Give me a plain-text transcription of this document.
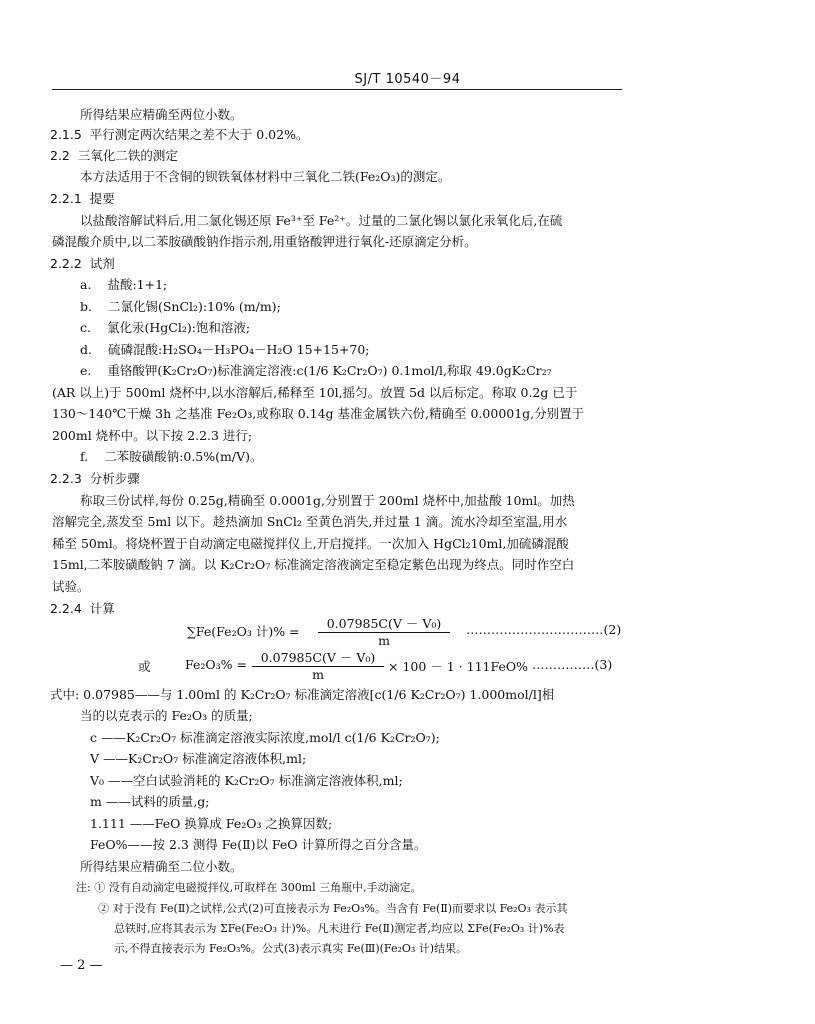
SJ/T 10540－94
所得结果应精确至两位小数。
2.1.5 平行测定两次结果之差不大于 0.02%。
2.2 三氧化二铁的测定
本方法适用于不含铜的钡铁氧体材料中三氧化二铁(Fe₂O₃)的测定。
2.2.1 提要
以盐酸溶解试料后,用二氯化锡还原 Fe³⁺至 Fe²⁺。过量的二氯化锡以氯化汞氧化后,在硫
磷混酸介质中,以二苯胺磺酸钠作指示剂,用重铬酸钾进行氧化-还原滴定分析。
2.2.2 试剂
a. 盐酸:1+1;
b. 二氯化锡(SnCl₂):10% (m/m);
c. 氯化汞(HgCl₂):饱和溶液;
d. 硫磷混酸:H₂SO₄－H₃PO₄－H₂O 15+15+70;
e. 重铬酸钾(K₂Cr₂O₇)标准滴定溶液:c(1/6 K₂Cr₂O₇) 0.1mol/l,称取 49.0gK₂Cr₂₇
(AR 以上)于 500ml 烧杯中,以水溶解后,稀释至 10l,摇匀。放置 5d 以后标定。称取 0.2g 已于
130～140℃干燥 3h 之基准 Fe₂O₃,或称取 0.14g 基准金属铁六份,精确至 0.00001g,分别置于
200ml 烧杯中。以下按 2.2.3 进行;
f. 二苯胺磺酸钠:0.5%(m/V)。
2.2.3 分析步骤
称取三份试样,每份 0.25g,精确至 0.0001g,分别置于 200ml 烧杯中,加盐酸 10ml。加热
溶解完全,蒸发至 5ml 以下。趁热滴加 SnCl₂ 至黄色消失,并过量 1 滴。流水冷却至室温,用水
稀至 50ml。将烧杯置于自动滴定电磁搅拌仪上,开启搅拌。一次加入 HgCl₂10ml,加硫磷混酸
15ml,二苯胺磺酸钠 7 滴。以 K₂Cr₂O₇ 标准滴定溶液滴定至稳定紫色出现为终点。同时作空白
试验。
2.2.4 计算
∑Fe(Fe₂O₃ 计)% = $\frac{\text{0.07985C(V － V₀)}}{m}$ ……………………………(2)
或	$Fe_2O_3\% = \frac{\text{0.07985C(V － V₀)}}{m} \times 100 - 1 \cdot 111FeO\%$ ……………(3)
式中: 0.07985——与 1.00ml 的 K₂Cr₂O₇ 标准滴定溶液[c(1/6 K₂Cr₂O₇) 1.000mol/l]相
当的以克表示的 Fe₂O₃ 的质量;
c ——K₂Cr₂O₇ 标准滴定溶液实际浓度,mol/l c(1/6 K₂Cr₂O₇);
V ——K₂Cr₂O₇ 标准滴定溶液体积,ml;
V₀ ——空白试验消耗的 K₂Cr₂O₇ 标准滴定溶液体积,ml;
m ——试料的质量,g;
1.111 ——FeO 换算成 Fe₂O₃ 之换算因数;
FeO%——按 2.3 测得 Fe(Ⅱ)以 FeO 计算所得之百分含量。
所得结果应精确至二位小数。
注: ① 没有自动滴定电磁搅拌仪,可取样在 300ml 三角瓶中,手动滴定。
② 对于没有 Fe(Ⅱ)之试样,公式(2)可直接表示为 Fe₂O₃%。当含有 Fe(Ⅱ)而要求以 Fe₂O₃ 表示其
总铁时,应将其表示为 ΣFe(Fe₂O₃ 计)%。凡未进行 Fe(Ⅱ)测定者,均应以 ΣFe(Fe₂O₃ 计)%表
示,不得直接表示为 Fe₂O₃%。公式(3)表示真实 Fe(Ⅲ)(Fe₂O₃ 计)结果。
— 2 —
